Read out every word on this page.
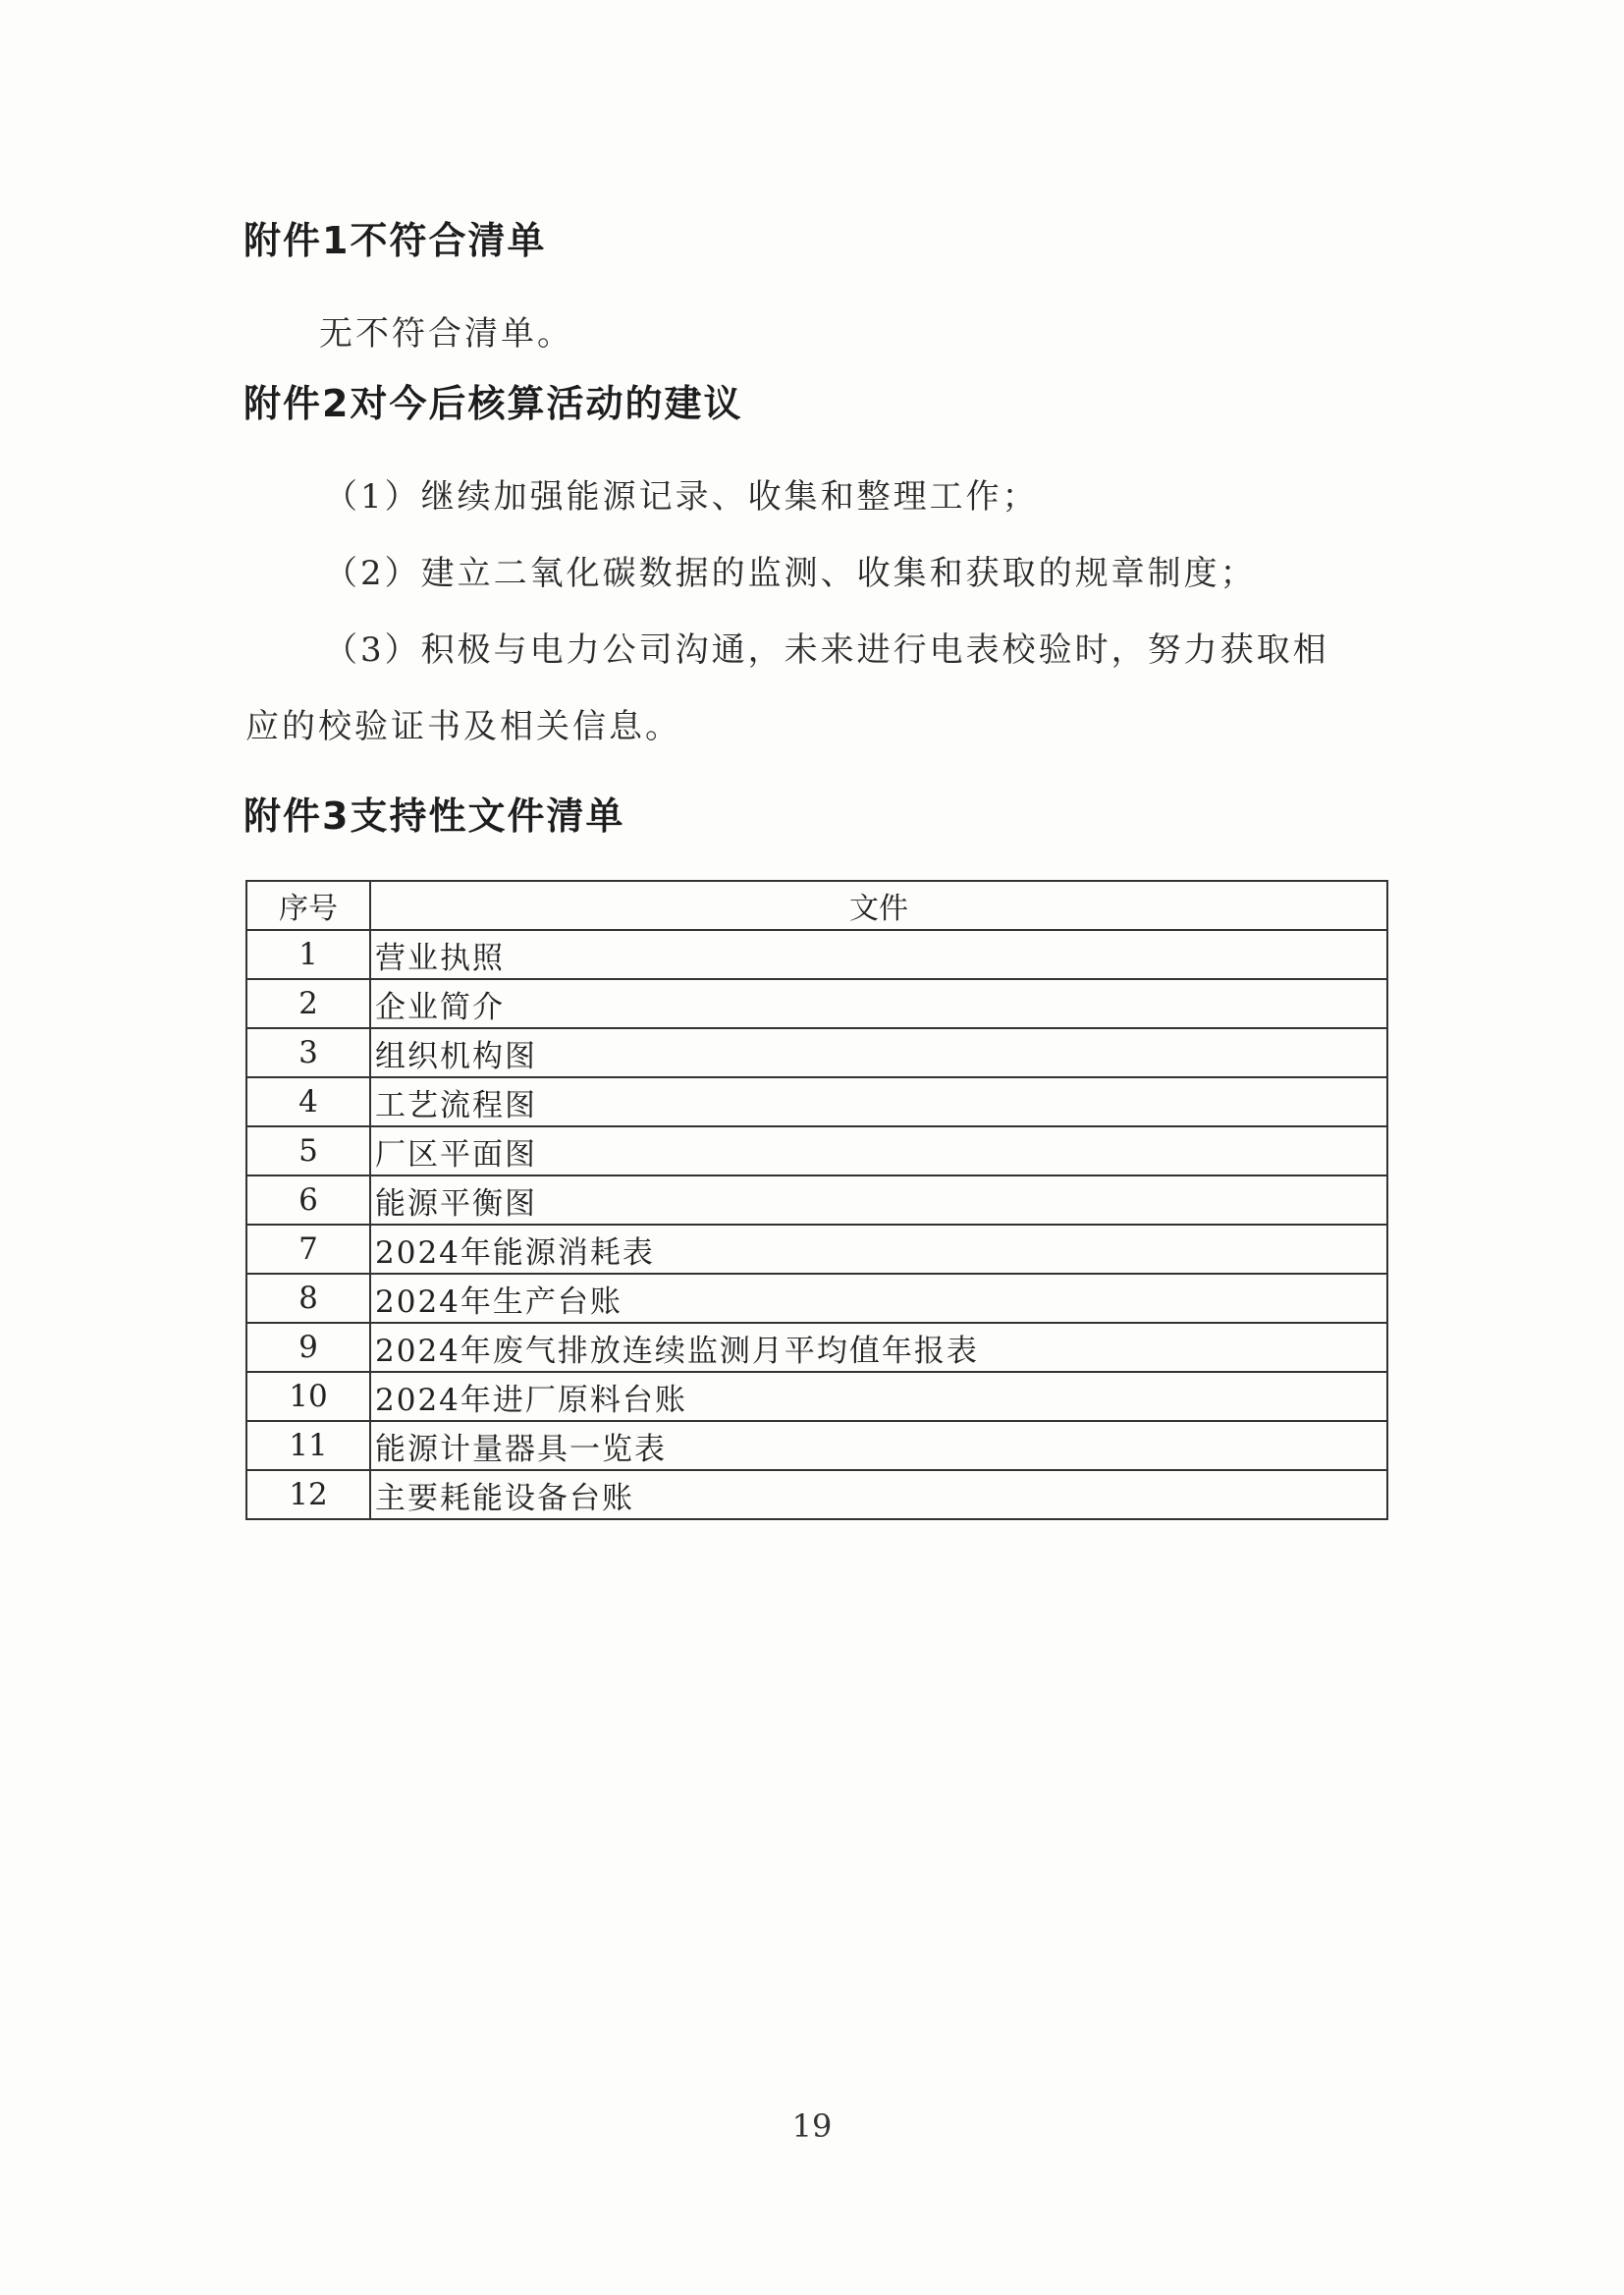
附件1不符合清单

无不符合清单。

附件2对今后核算活动的建议

（1）继续加强能源记录、收集和整理工作；

（2）建立二氧化碳数据的监测、收集和获取的规章制度；

（3）积极与电力公司沟通，未来进行电表校验时，努力获取相

应的校验证书及相关信息。

附件3支持性文件清单
序号	文件
1	营业执照
2	企业简介
3	组织机构图
4	工艺流程图
5	厂区平面图
6	能源平衡图
7	2024年能源消耗表
8	2024年生产台账
9	2024年废气排放连续监测月平均值年报表
10	2024年进厂原料台账
11	能源计量器具一览表
12	主要耗能设备台账
19
